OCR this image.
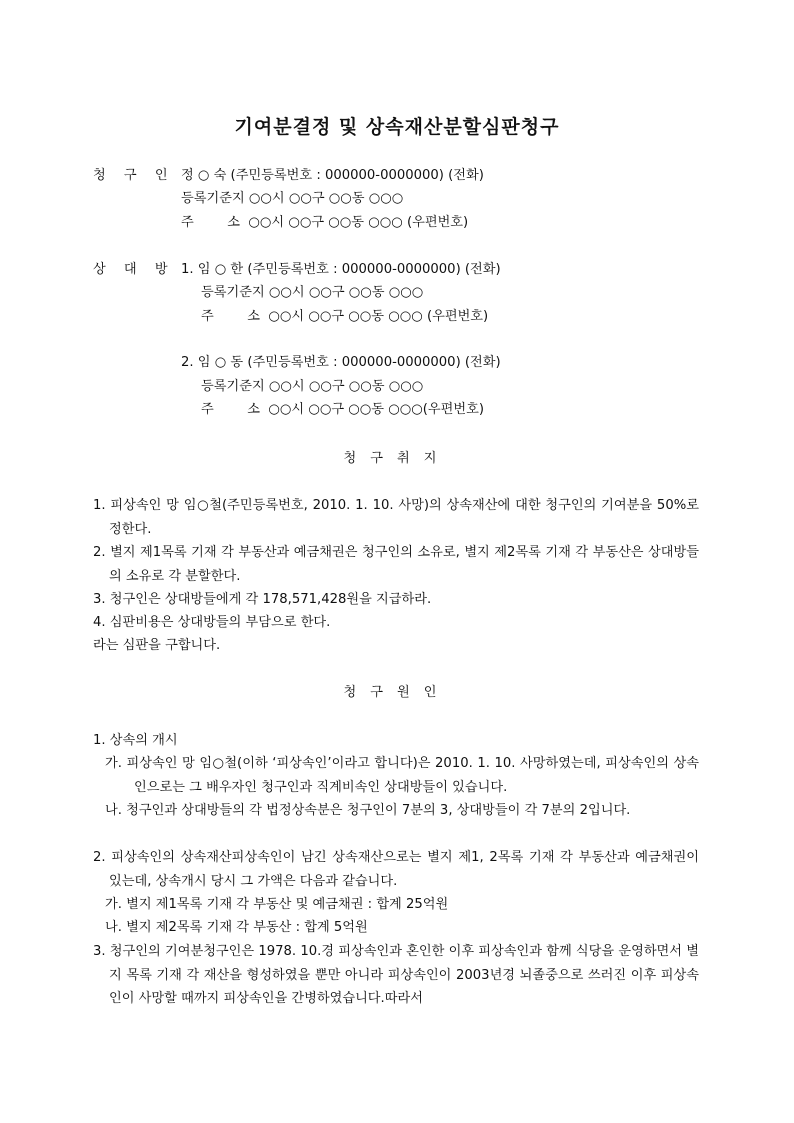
기여분결정 및 상속재산분할심판청구
청 구 인 정 ○ 숙 (주민등록번호 : 000000-0000000) (전화)
등록기준지 ○○시 ○○구 ○○동 ○○○
주        소  ○○시 ○○구 ○○동 ○○○ (우편번호)
상 대 방 1. 임 ○ 한 (주민등록번호 : 000000-0000000) (전화)
등록기준지 ○○시 ○○구 ○○동 ○○○
주        소  ○○시 ○○구 ○○동 ○○○ (우편번호)
2. 임 ○ 동 (주민등록번호 : 000000-0000000) (전화)
등록기준지 ○○시 ○○구 ○○동 ○○○
주        소  ○○시 ○○구 ○○동 ○○○(우편번호)
청구취지
1. 피상속인 망 임○철(주민등록번호, 2010. 1. 10. 사망)의 상속재산에 대한 청구인의 기여분을 50%로 정한다.
2. 별지 제1목록 기재 각 부동산과 예금채권은 청구인의 소유로, 별지 제2목록 기재 각 부동산은 상대방들의 소유로 각 분할한다.
3. 청구인은 상대방들에게 각 178,571,428원을 지급하라.
4. 심판비용은 상대방들의 부담으로 한다.
라는 심판을 구합니다.
청구원인
1. 상속의 개시
가. 피상속인 망 임○철(이하 ‘피상속인’이라고 합니다)은 2010. 1. 10. 사망하였는데, 피상속인의 상속인으로는 그 배우자인 청구인과 직계비속인 상대방들이 있습니다.
나. 청구인과 상대방들의 각 법정상속분은 청구인이 7분의 3, 상대방들이 각 7분의 2입니다.
2. 피상속인의 상속재산피상속인이 남긴 상속재산으로는 별지 제1, 2목록 기재 각 부동산과 예금채권이 있는데, 상속개시 당시 그 가액은 다음과 같습니다.
가. 별지 제1목록 기재 각 부동산 및 예금채권 : 합계 25억원
나. 별지 제2목록 기재 각 부동산 : 합계 5억원
3. 청구인의 기여분청구인은 1978. 10.경 피상속인과 혼인한 이후 피상속인과 함께 식당을 운영하면서 별지 목록 기재 각 재산을 형성하였을 뿐만 아니라 피상속인이 2003년경 뇌졸중으로 쓰러진 이후 피상속인이 사망할 때까지 피상속인을 간병하였습니다.따라서
